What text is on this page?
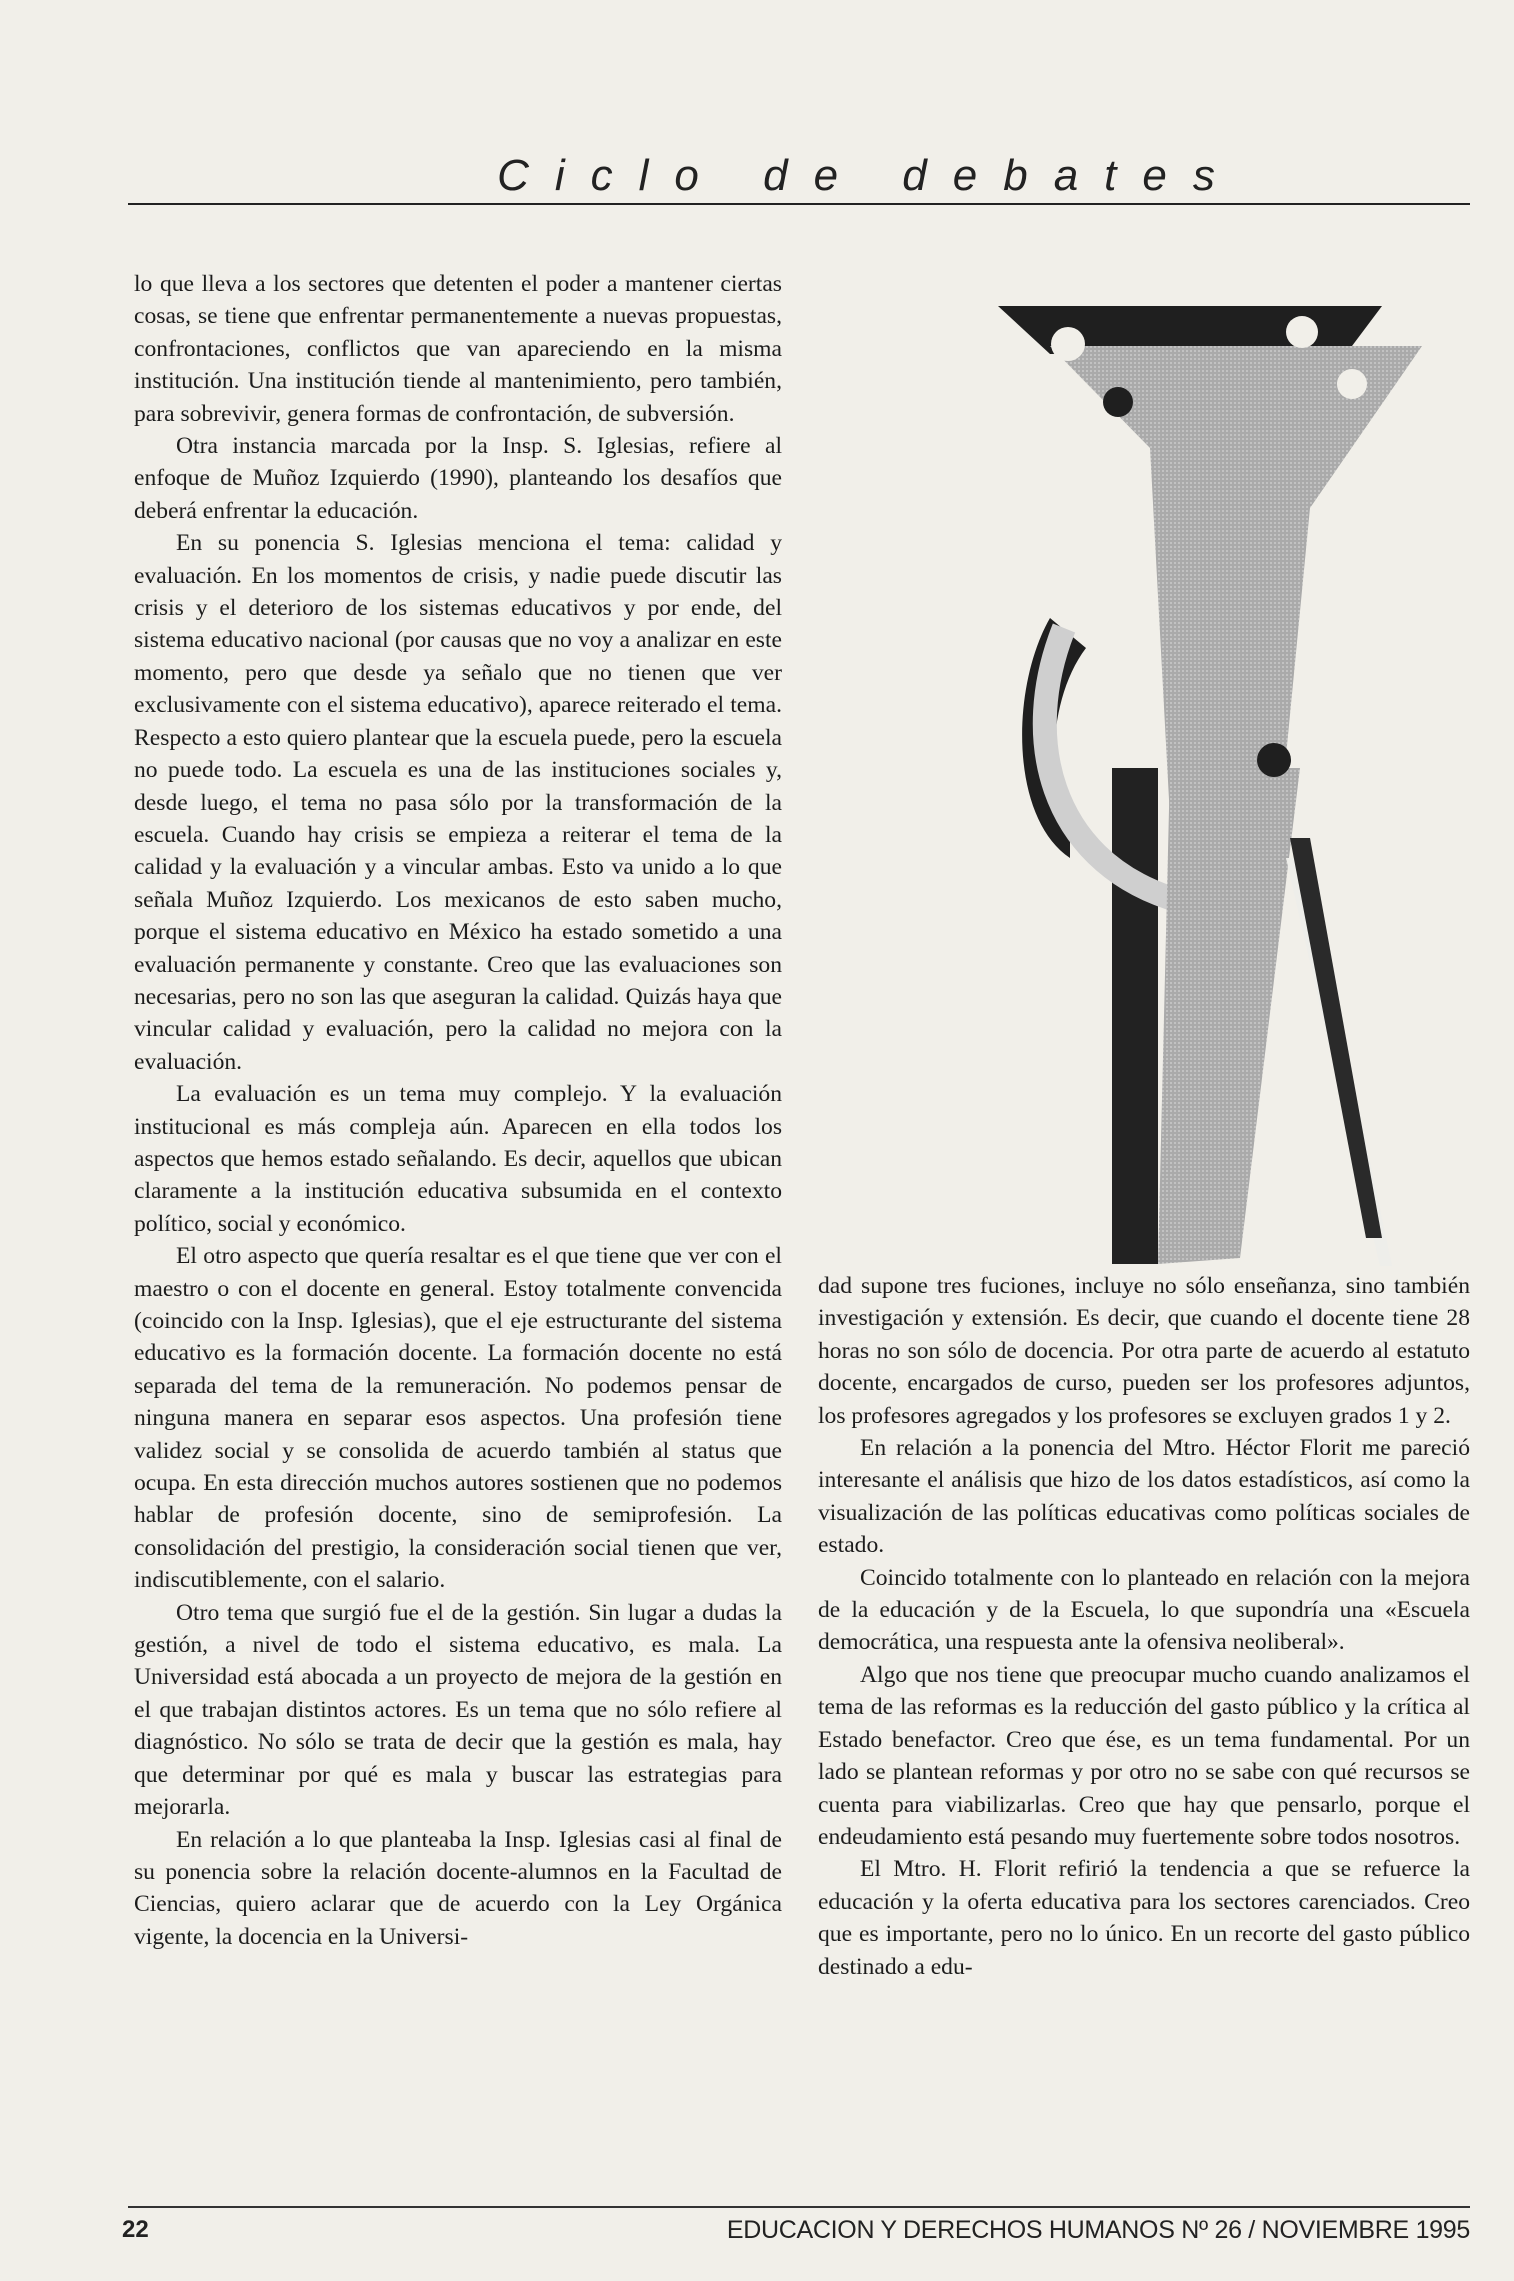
Ciclo de debates

lo que lleva a los sectores que detenten el poder a mantener ciertas cosas, se tiene que enfrentar permanentemente a nuevas propuestas, confrontaciones, conflictos que van apareciendo en la misma institución. Una institución tiende al mantenimiento, pero también, para sobrevivir, genera formas de confrontación, de subversión.

Otra instancia marcada por la Insp. S. Iglesias, refiere al enfoque de Muñoz Izquierdo (1990), planteando los desafíos que deberá enfrentar la educación.

En su ponencia S. Iglesias menciona el tema: calidad y evaluación. En los momentos de crisis, y nadie puede discutir las crisis y el deterioro de los sistemas educativos y por ende, del sistema educativo nacional (por causas que no voy a analizar en este momento, pero que desde ya señalo que no tienen que ver exclusivamente con el sistema educativo), aparece reiterado el tema. Respecto a esto quiero plantear que la escuela puede, pero la escuela no puede todo. La escuela es una de las instituciones sociales y, desde luego, el tema no pasa sólo por la transformación de la escuela. Cuando hay crisis se empieza a reiterar el tema de la calidad y la evaluación y a vincular ambas. Esto va unido a lo que señala Muñoz Izquierdo. Los mexicanos de esto saben mucho, porque el sistema educativo en México ha estado sometido a una evaluación permanente y constante. Creo que las evaluaciones son necesarias, pero no son las que aseguran la calidad. Quizás haya que vincular calidad y evaluación, pero la calidad no mejora con la evaluación.

La evaluación es un tema muy complejo. Y la evaluación institucional es más compleja aún. Aparecen en ella todos los aspectos que hemos estado señalando. Es decir, aquellos que ubican claramente a la institución educativa subsumida en el contexto político, social y económico.

El otro aspecto que quería resaltar es el que tiene que ver con el maestro o con el docente en general. Estoy totalmente convencida (coincido con la Insp. Iglesias), que el eje estructurante del sistema educativo es la formación docente. La formación docente no está separada del tema de la remuneración. No podemos pensar de ninguna manera en separar esos aspectos. Una profesión tiene validez social y se consolida de acuerdo también al status que ocupa. En esta dirección muchos autores sostienen que no podemos hablar de profesión docente, sino de semiprofesión. La consolidación del prestigio, la consideración social tienen que ver, indiscutiblemente, con el salario.

Otro tema que surgió fue el de la gestión. Sin lugar a dudas la gestión, a nivel de todo el sistema educativo, es mala. La Universidad está abocada a un proyecto de mejora de la gestión en el que trabajan distintos actores. Es un tema que no sólo refiere al diagnóstico. No sólo se trata de decir que la gestión es mala, hay que determinar por qué es mala y buscar las estrategias para mejorarla.

En relación a lo que planteaba la Insp. Iglesias casi al final de su ponencia sobre la relación docente-alumnos en la Facultad de Ciencias, quiero aclarar que de acuerdo con la Ley Orgánica vigente, la docencia en la Universi-

dad supone tres fuciones, incluye no sólo enseñanza, sino también investigación y extensión. Es decir, que cuando el docente tiene 28 horas no son sólo de docencia. Por otra parte de acuerdo al estatuto docente, encargados de curso, pueden ser los profesores adjuntos, los profesores agregados y los profesores se excluyen grados 1 y 2.

En relación a la ponencia del Mtro. Héctor Florit me pareció interesante el análisis que hizo de los datos estadísticos, así como la visualización de las políticas educativas como políticas sociales de estado.

Coincido totalmente con lo planteado en relación con la mejora de la educación y de la Escuela, lo que supondría una «Escuela democrática, una respuesta ante la ofensiva neoliberal».

Algo que nos tiene que preocupar mucho cuando analizamos el tema de las reformas es la reducción del gasto público y la crítica al Estado benefactor. Creo que ése, es un tema fundamental. Por un lado se plantean reformas y por otro no se sabe con qué recursos se cuenta para viabilizarlas. Creo que hay que pensarlo, porque el endeudamiento está pesando muy fuertemente sobre todos nosotros.

El Mtro. H. Florit refirió la tendencia a que se refuerce la educación y la oferta educativa para los sectores carenciados. Creo que es importante, pero no lo único. En un recorte del gasto público destinado a edu-

22	EDUCACION Y DERECHOS HUMANOS Nº 26 / NOVIEMBRE 1995
